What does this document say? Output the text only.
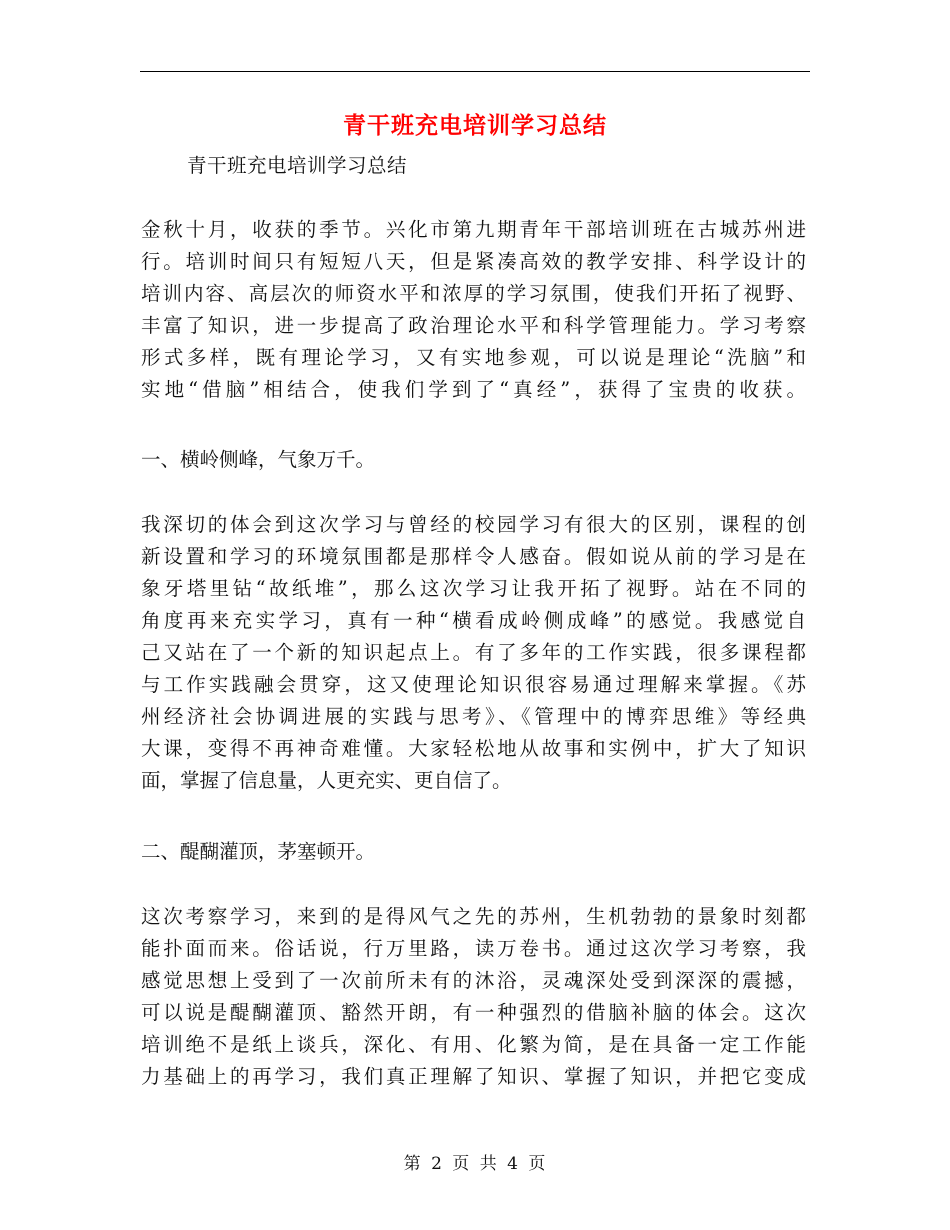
青干班充电培训学习总结
青干班充电培训学习总结
金秋十月，收获的季节。兴化市第九期青年干部培训班在古城苏州进
行。培训时间只有短短八天，但是紧凑高效的教学安排、科学设计的
培训内容、高层次的师资水平和浓厚的学习氛围，使我们开拓了视野、
丰富了知识，进一步提高了政治理论水平和科学管理能力。学习考察
形式多样，既有理论学习，又有实地参观，可以说是理论“洗脑”和
实地“借脑”相结合，使我们学到了“真经”，获得了宝贵的收获。
一、横岭侧峰，气象万千。
我深切的体会到这次学习与曾经的校园学习有很大的区别，课程的创
新设置和学习的环境氛围都是那样令人感奋。假如说从前的学习是在
象牙塔里钻“故纸堆”，那么这次学习让我开拓了视野。站在不同的
角度再来充实学习，真有一种“横看成岭侧成峰”的感觉。我感觉自
己又站在了一个新的知识起点上。有了多年的工作实践，很多课程都
与工作实践融会贯穿，这又使理论知识很容易通过理解来掌握。《苏
州经济社会协调进展的实践与思考》、《管理中的博弈思维》等经典
大课，变得不再神奇难懂。大家轻松地从故事和实例中，扩大了知识
面，掌握了信息量，人更充实、更自信了。
二、醍醐灌顶，茅塞顿开。
这次考察学习，来到的是得风气之先的苏州，生机勃勃的景象时刻都
能扑面而来。俗话说，行万里路，读万卷书。通过这次学习考察，我
感觉思想上受到了一次前所未有的沐浴，灵魂深处受到深深的震撼，
可以说是醍醐灌顶、豁然开朗，有一种强烈的借脑补脑的体会。这次
培训绝不是纸上谈兵，深化、有用、化繁为简，是在具备一定工作能
力基础上的再学习，我们真正理解了知识、掌握了知识，并把它变成
第 2 页 共 4 页
